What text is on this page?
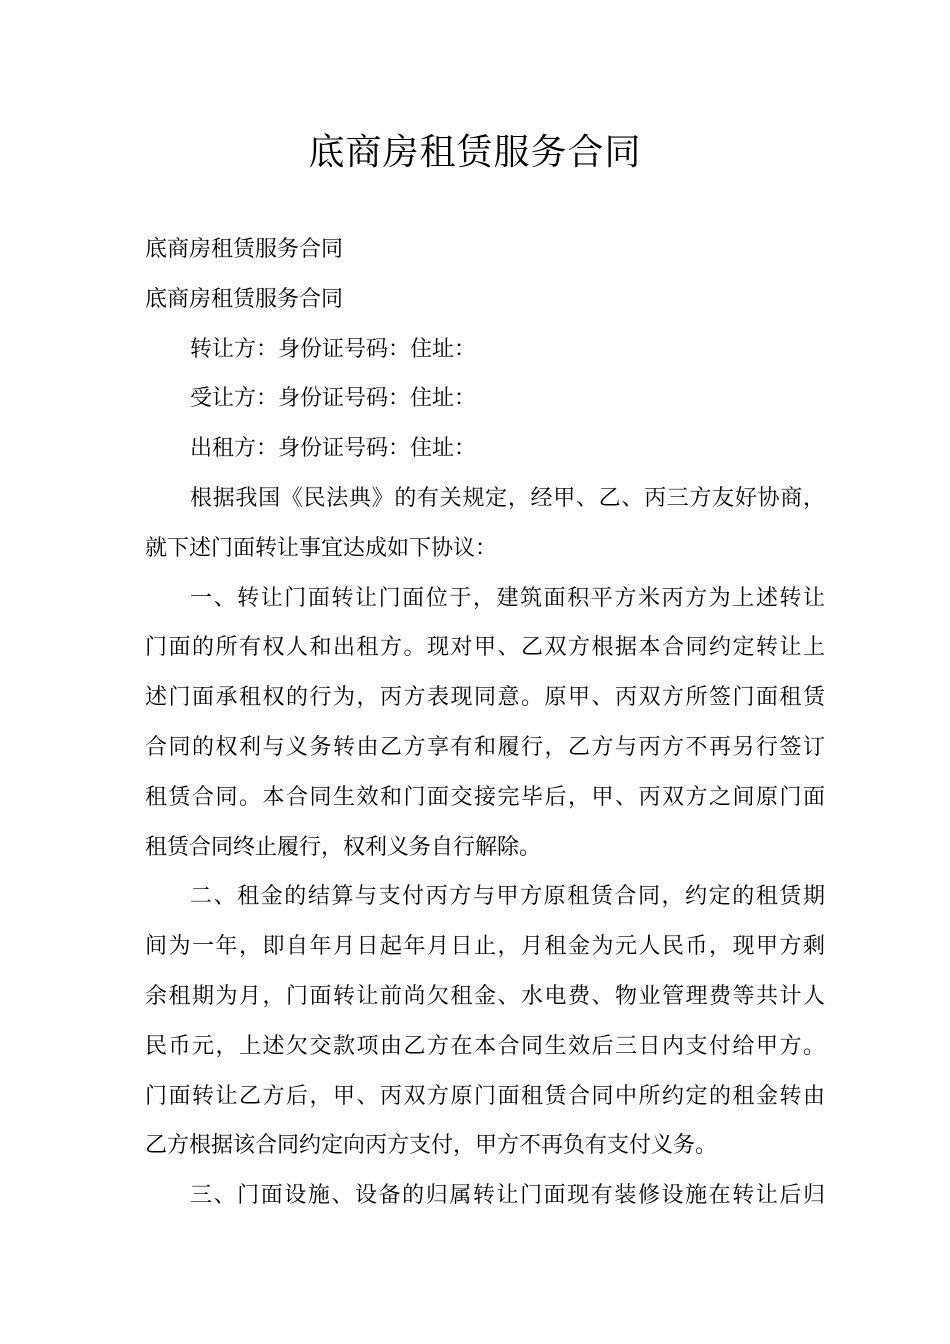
底商房租赁服务合同
底商房租赁服务合同
底商房租赁服务合同
转让方：身份证号码：住址：
受让方：身份证号码：住址：
出租方：身份证号码：住址：
根据我国《民法典》的有关规定，经甲、乙、丙三方友好协商，
就下述门面转让事宜达成如下协议：
一、转让门面转让门面位于，建筑面积平方米丙方为上述转让
门面的所有权人和出租方。现对甲、乙双方根据本合同约定转让上
述门面承租权的行为，丙方表现同意。原甲、丙双方所签门面租赁
合同的权利与义务转由乙方享有和履行，乙方与丙方不再另行签订
租赁合同。本合同生效和门面交接完毕后，甲、丙双方之间原门面
租赁合同终止履行，权利义务自行解除。
二、租金的结算与支付丙方与甲方原租赁合同，约定的租赁期
间为一年，即自年月日起年月日止，月租金为元人民币，现甲方剩
余租期为月，门面转让前尚欠租金、水电费、物业管理费等共计人
民币元，上述欠交款项由乙方在本合同生效后三日内支付给甲方。
门面转让乙方后，甲、丙双方原门面租赁合同中所约定的租金转由
乙方根据该合同约定向丙方支付，甲方不再负有支付义务。
三、门面设施、设备的归属转让门面现有装修设施在转让后归
